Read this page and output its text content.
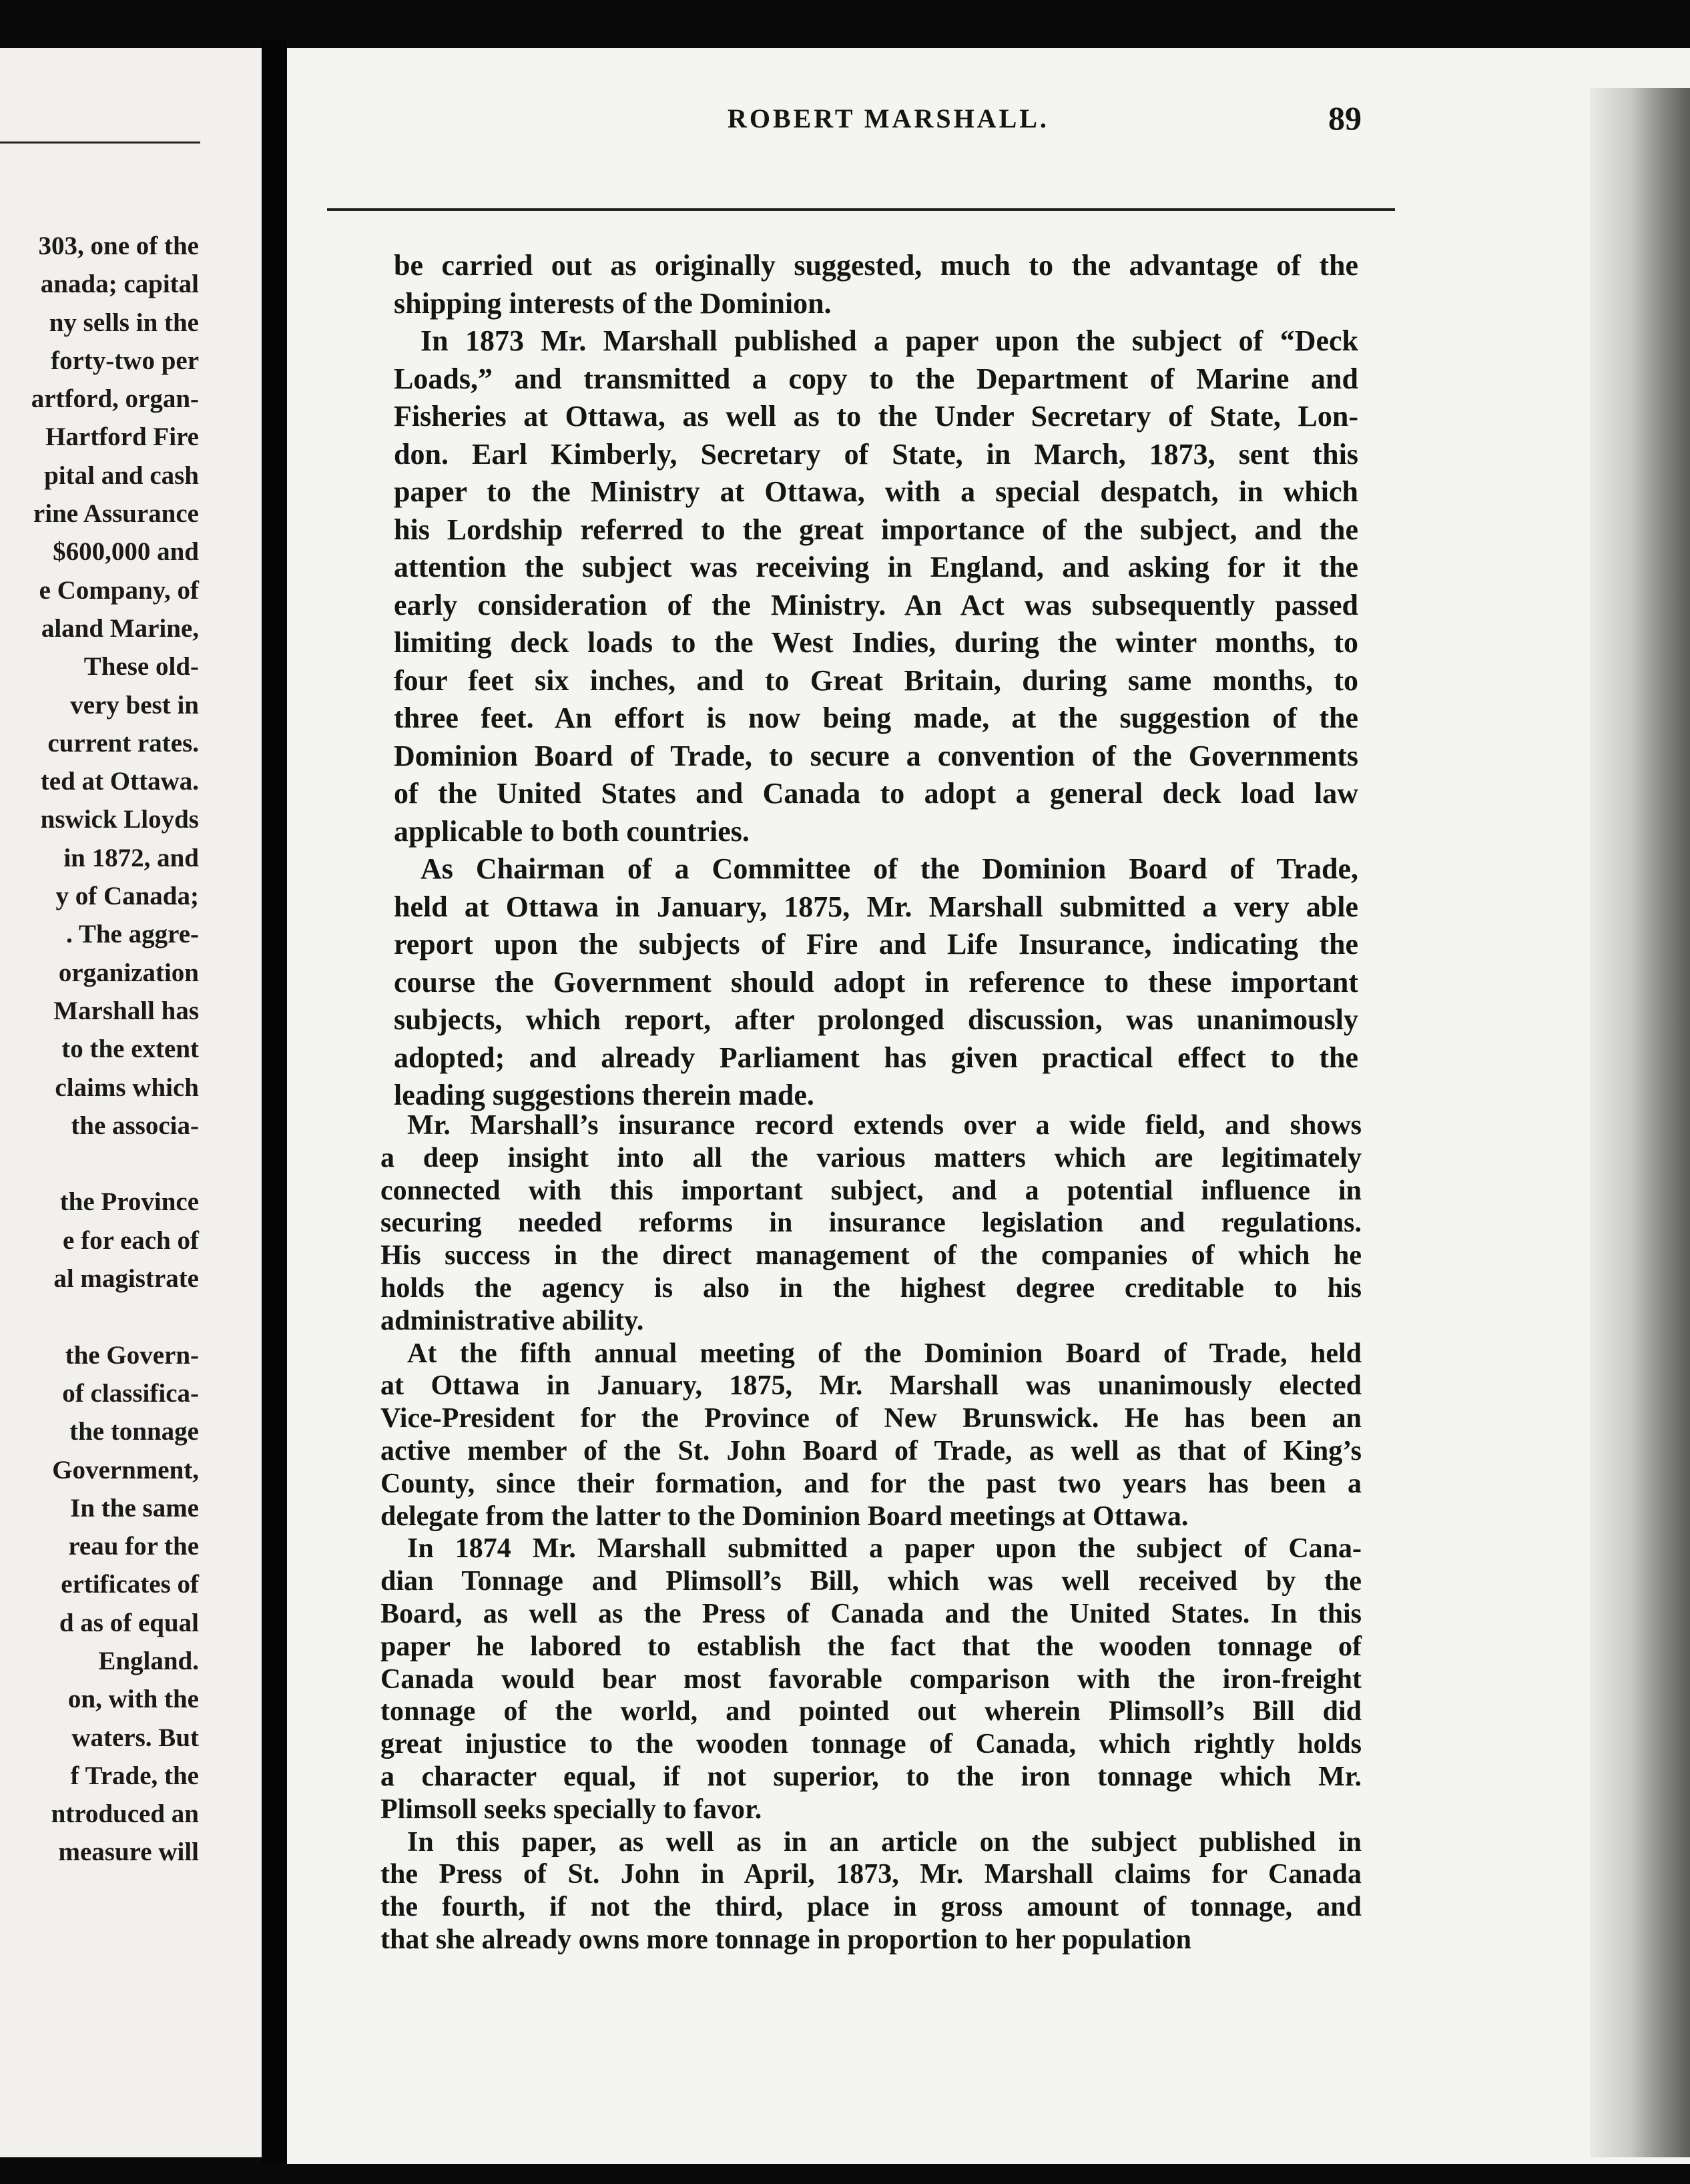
303, one of the
anada; capital
ny sells in the
forty-two per
artford, organ-
Hartford Fire
pital and cash
rine Assurance
$600,000 and
e Company, of
aland Marine,
These old-
very best in
current rates.
ted at Ottawa.
nswick Lloyds
in 1872, and
y of Canada;
. The aggre-
organization
Marshall has
to the extent
claims which
the associa-
the Province
e for each of
al magistrate
the Govern-
of classifica-
the tonnage
Government,
In the same
reau for the
ertificates of
d as of equal
England.
on, with the
waters. But
f Trade, the
ntroduced an
measure will
ROBERT MARSHALL.	89
be carried out as originally suggested, much to the advantage of the
shipping interests of the Dominion.
In 1873 Mr. Marshall published a paper upon the subject of “Deck
Loads,” and transmitted a copy to the Department of Marine and
Fisheries at Ottawa, as well as to the Under Secretary of State, Lon-
don. Earl Kimberly, Secretary of State, in March, 1873, sent this
paper to the Ministry at Ottawa, with a special despatch, in which
his Lordship referred to the great importance of the subject, and the
attention the subject was receiving in England, and asking for it the
early consideration of the Ministry. An Act was subsequently passed
limiting deck loads to the West Indies, during the winter months, to
four feet six inches, and to Great Britain, during same months, to
three feet. An effort is now being made, at the suggestion of the
Dominion Board of Trade, to secure a convention of the Governments
of the United States and Canada to adopt a general deck load law
applicable to both countries.
As Chairman of a Committee of the Dominion Board of Trade,
held at Ottawa in January, 1875, Mr. Marshall submitted a very able
report upon the subjects of Fire and Life Insurance, indicating the
course the Government should adopt in reference to these important
subjects, which report, after prolonged discussion, was unanimously
adopted; and already Parliament has given practical effect to the
leading suggestions therein made.
Mr. Marshall’s insurance record extends over a wide field, and shows
a deep insight into all the various matters which are legitimately
connected with this important subject, and a potential influence in
securing needed reforms in insurance legislation and regulations.
His success in the direct management of the companies of which he
holds the agency is also in the highest degree creditable to his
administrative ability.
At the fifth annual meeting of the Dominion Board of Trade, held
at Ottawa in January, 1875, Mr. Marshall was unanimously elected
Vice-President for the Province of New Brunswick. He has been an
active member of the St. John Board of Trade, as well as that of King’s
County, since their formation, and for the past two years has been a
delegate from the latter to the Dominion Board meetings at Ottawa.
In 1874 Mr. Marshall submitted a paper upon the subject of Cana-
dian Tonnage and Plimsoll’s Bill, which was well received by the
Board, as well as the Press of Canada and the United States. In this
paper he labored to establish the fact that the wooden tonnage of
Canada would bear most favorable comparison with the iron-freight
tonnage of the world, and pointed out wherein Plimsoll’s Bill did
great injustice to the wooden tonnage of Canada, which rightly holds
a character equal, if not superior, to the iron tonnage which Mr.
Plimsoll seeks specially to favor.
In this paper, as well as in an article on the subject published in
the Press of St. John in April, 1873, Mr. Marshall claims for Canada
the fourth, if not the third, place in gross amount of tonnage, and
that she already owns more tonnage in proportion to her population
